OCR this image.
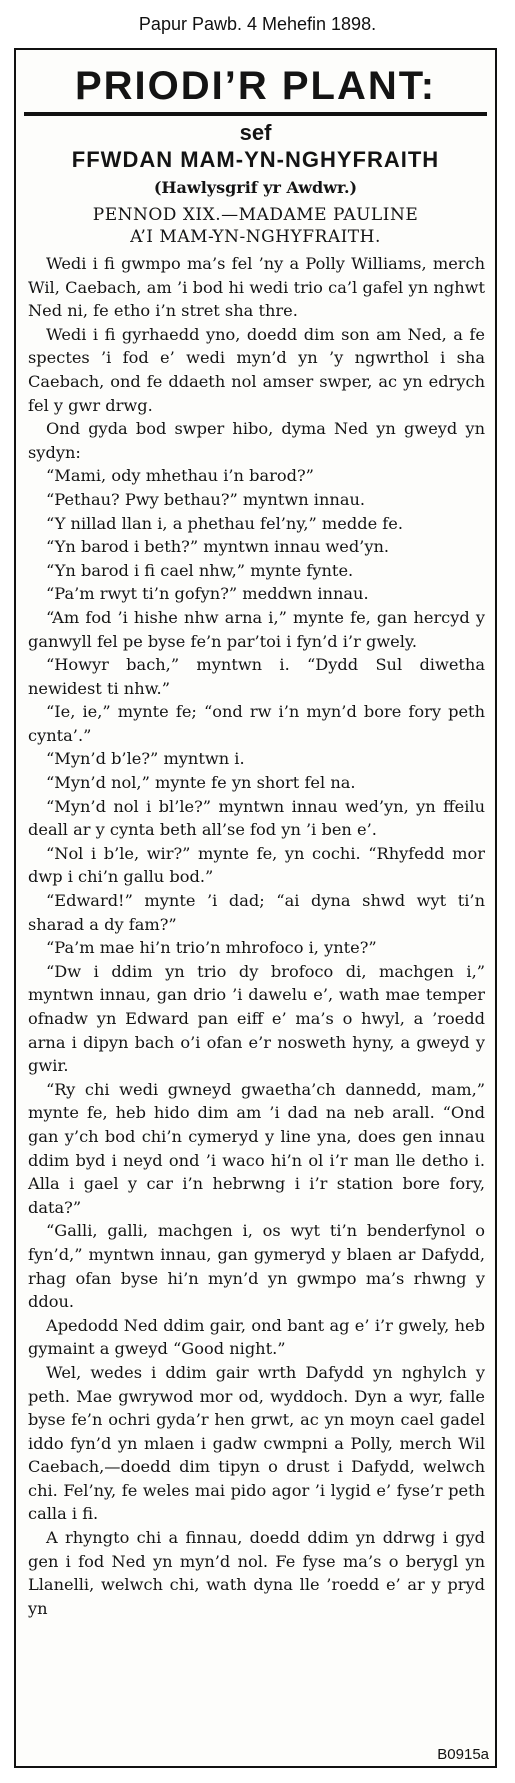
Papur Pawb. 4 Mehefin 1898.
PRIODI’R PLANT:
sef
FFWDAN MAM-YN-NGHYFRAITH
(Hawlysgrif yr Awdwr.)
PENNOD XIX.—MADAME PAULINE
A’I MAM-YN-NGHYFRAITH.

Wedi i fi gwmpo ma’s fel ’ny a Polly Williams, merch Wil, Caebach, am ’i bod hi wedi trio ca’l gafel yn nghwt Ned ni, fe etho i’n stret sha thre.

Wedi i fi gyrhaedd yno, doedd dim son am Ned, a fe spectes ’i fod e’ wedi myn’d yn ’y ngwrthol i sha Caebach, ond fe ddaeth nol amser swper, ac yn edrych fel y gwr drwg.

Ond gyda bod swper hibo, dyma Ned yn gweyd yn sydyn:

“Mami, ody mhethau i’n barod?”

“Pethau? Pwy bethau?” myntwn innau.

“Y nillad llan i, a phethau fel’ny,” medde fe.

“Yn barod i beth?” myntwn innau wed’yn.

“Yn barod i fi cael nhw,” mynte fynte.

“Pa’m rwyt ti’n gofyn?” meddwn innau.

“Am fod ’i hishe nhw arna i,” mynte fe, gan hercyd y ganwyll fel pe byse fe’n par’toi i fyn’d i’r gwely.

“Howyr bach,” myntwn i. “Dydd Sul diwetha newidest ti nhw.”

“Ie, ie,” mynte fe; “ond rw i’n myn’d bore fory peth cynta’.”

“Myn’d b’le?” myntwn i.

“Myn’d nol,” mynte fe yn short fel na.

“Myn’d nol i bl’le?” myntwn innau wed’yn, yn ffeilu deall ar y cynta beth all’se fod yn ’i ben e’.

“Nol i b’le, wir?” mynte fe, yn cochi. “Rhyfedd mor dwp i chi’n gallu bod.”

“Edward!” mynte ’i dad; “ai dyna shwd wyt ti’n sharad a dy fam?”

“Pa’m mae hi’n trio’n mhrofoco i, ynte?”

“Dw i ddim yn trio dy brofoco di, machgen i,” myntwn innau, gan drio ’i dawelu e’, wath mae temper ofnadw yn Edward pan eiff e’ ma’s o hwyl, a ’roedd arna i dipyn bach o’i ofan e’r nosweth hyny, a gweyd y gwir.

“Ry chi wedi gwneyd gwaetha’ch dannedd, mam,” mynte fe, heb hido dim am ’i dad na neb arall. “Ond gan y’ch bod chi’n cymeryd y line yna, does gen innau ddim byd i neyd ond ’i waco hi’n ol i’r man lle detho i. Alla i gael y car i’n hebrwng i i’r station bore fory, data?”

“Galli, galli, machgen i, os wyt ti’n benderfynol o fyn’d,” myntwn innau, gan gymeryd y blaen ar Dafydd, rhag ofan byse hi’n myn’d yn gwmpo ma’s rhwng y ddou.

Apedodd Ned ddim gair, ond bant ag e’ i’r gwely, heb gymaint a gweyd “Good night.”

Wel, wedes i ddim gair wrth Dafydd yn nghylch y peth. Mae gwrywod mor od, wyddoch. Dyn a wyr, falle byse fe’n ochri gyda’r hen grwt, ac yn moyn cael gadel iddo fyn’d yn mlaen i gadw cwmpni a Polly, merch Wil Caebach,—doedd dim tipyn o drust i Dafydd, welwch chi. Fel’ny, fe weles mai pido agor ’i lygid e’ fyse’r peth calla i fi.

A rhyngto chi a finnau, doedd ddim yn ddrwg i gyd gen i fod Ned yn myn’d nol. Fe fyse ma’s o berygl yn Llanelli, welwch chi, wath dyna lle ’roedd e’ ar y pryd yn

B0915a
